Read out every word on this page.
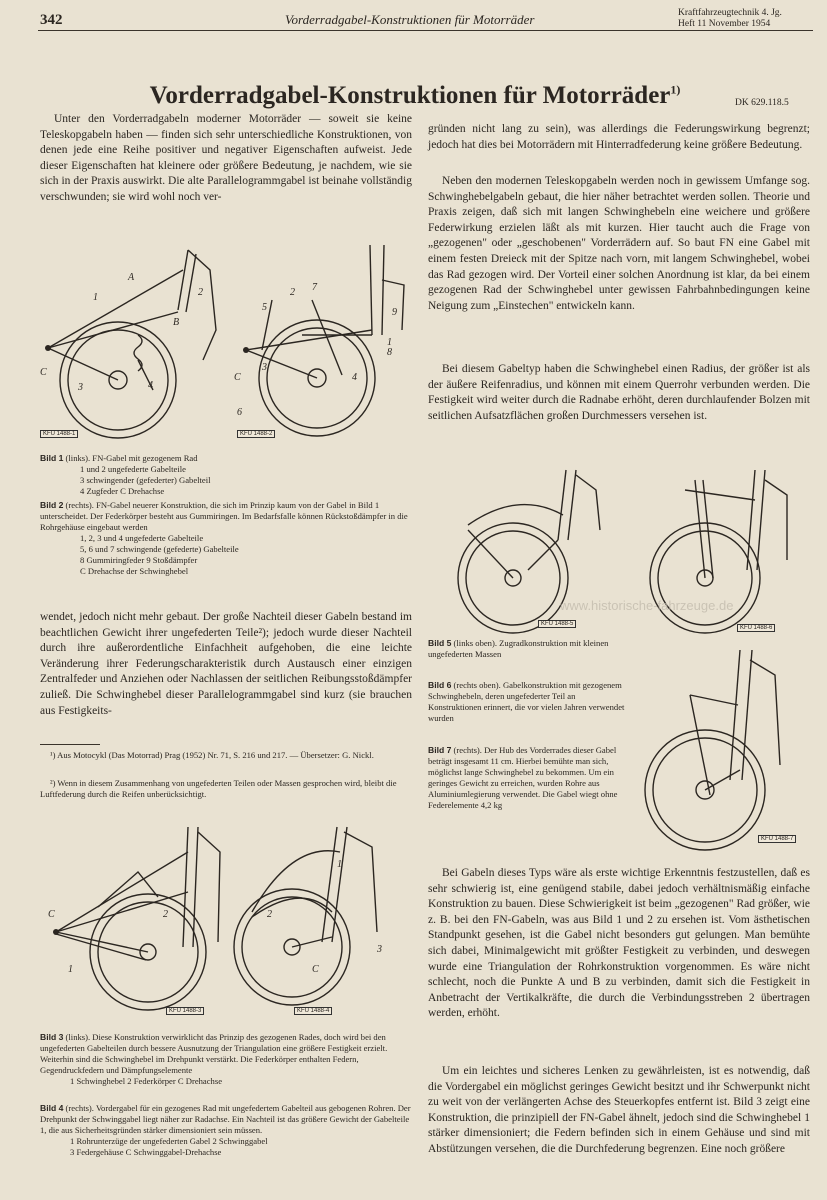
342	Vorderradgabel-Konstruktionen für Motorräder	Kraftfahrzeugtechnik 4. Jg.
Heft 11 November 1954
Vorderradgabel-Konstruktionen für Motorräder$^{1)}$
DK 629.118.5

Unter den Vorderradgabeln moderner Motorräder — soweit sie keine Teleskopgabeln haben — finden sich sehr unterschiedliche Konstruktionen, von denen jede eine Reihe positiver und negativer Eigenschaften aufweist. Jede dieser Eigenschaften hat kleinere oder größere Bedeutung, je nachdem, wie sie sich in der Praxis auswirkt. Die alte Parallelogrammgabel ist beinahe vollständig verschwunden; sie wird wohl noch ver-

1
A
B
2
C
3	4
KFU 1488-1
5
2 7
1
8
9
C
6
3
4
KFU 1488-2
Bild 1 (links). FN-Gabel mit gezogenem Rad
1 und 2 ungefederte Gabelteile
3 schwingender (gefederter) Gabelteil
4 Zugfeder C Drehachse
Bild 2 (rechts). FN-Gabel neuerer Konstruktion, die sich im Prinzip kaum von der Gabel in Bild 1 unterscheidet. Der Federkörper besteht aus Gummiringen. Im Bedarfsfalle können Rückstoßdämpfer in die Rohrgehäuse eingebaut werden
1, 2, 3 und 4 ungefederte Gabelteile
5, 6 und 7 schwingende (gefederte) Gabelteile
8 Gummiringfeder 9 Stoßdämpfer
C Drehachse der Schwinghebel

wendet, jedoch nicht mehr gebaut. Der große Nachteil dieser Gabeln bestand im beachtlichen Gewicht ihrer ungefederten Teile²); jedoch wurde dieser Nachteil durch ihre außerordentliche Einfachheit aufgehoben, die eine leichte Veränderung ihrer Federungscharakteristik durch Austausch einer einzigen Zentralfeder und Anziehen oder Nachlassen der seitlichen Reibungsstoßdämpfer zuließ. Die Schwinghebel dieser Parallelogrammgabel sind kurz (sie brauchen aus Festigkeits-

¹) Aus Motocykl (Das Motorrad) Prag (1952) Nr. 71, S. 216 und 217. — Übersetzer: G. Nickl.

²) Wenn in diesem Zusammenhang von ungefederten Teilen oder Massen gesprochen wird, bleibt die Luftfederung durch die Reifen unberücksichtigt.

C
1
2
KFU 1488-3
2
1
3
C
KFU 1488-4
Bild 3 (links). Diese Konstruktion verwirklicht das Prinzip des gezogenen Rades, doch wird bei den ungefederten Gabelteilen durch bessere Ausnutzung der Triangulation eine größere Festigkeit erzielt. Weiterhin sind die Schwinghebel im Drehpunkt verstärkt. Die Federkörper enthalten Federn, Gegendruckfedern und Dämpfungselemente
1 Schwinghebel 2 Federkörper C Drehachse
Bild 4 (rechts). Vordergabel für ein gezogenes Rad mit ungefedertem Gabelteil aus gebogenen Rohren. Der Drehpunkt der Schwinggabel liegt näher zur Radachse. Ein Nachteil ist das größere Gewicht der Gabelteile 1, die aus Sicherheitsgründen stärker dimensioniert sein müssen.
1 Rohrunterzüge der ungefederten Gabel 2 Schwinggabel
3 Federgehäuse C Schwinggabel-Drehachse

gründen nicht lang zu sein), was allerdings die Federungswirkung begrenzt; jedoch hat dies bei Motorrädern mit Hinterradfederung keine größere Bedeutung.

Neben den modernen Teleskopgabeln werden noch in gewissem Umfange sog. Schwinghebelgabeln gebaut, die hier näher betrachtet werden sollen. Theorie und Praxis zeigen, daß sich mit langen Schwinghebeln eine weichere und größere Federwirkung erzielen läßt als mit kurzen. Hier taucht auch die Frage von „gezogenen" oder „geschobenen" Vorderrädern auf. So baut FN eine Gabel mit einem festen Dreieck mit der Spitze nach vorn, mit langem Schwinghebel, wobei das Rad gezogen wird. Der Vorteil einer solchen Anordnung ist klar, da bei einem gezogenen Rad der Schwinghebel unter gewissen Fahrbahnbedingungen keine Neigung zum „Einstechen" entwickeln kann.

Bei diesem Gabeltyp haben die Schwinghebel einen Radius, der größer ist als der äußere Reifenradius, und können mit einem Querrohr verbunden werden. Die Festigkeit wird weiter durch die Radnabe erhöht, deren durchlaufender Bolzen mit seitlichen Aufsatzflächen großen Durchmessers versehen ist.

KFU 1488-5
KFU 1488-6
www.historische-fahrzeuge.de
Bild 5 (links oben). Zugradkonstruktion mit kleinen ungefederten Massen
Bild 6 (rechts oben). Gabelkonstruktion mit gezogenem Schwinghebeln, deren ungefederter Teil an Konstruktionen erinnert, die vor vielen Jahren verwendet wurden
Bild 7 (rechts). Der Hub des Vorderrades dieser Gabel beträgt insgesamt 11 cm. Hierbei bemühte man sich, möglichst lange Schwinghebel zu bekommen. Um ein geringes Gewicht zu erreichen, wurden Rohre aus Aluminiumlegierung verwendet. Die Gabel wiegt ohne Federelemente 4,2 kg
KFU 1488-7

Bei Gabeln dieses Typs wäre als erste wichtige Erkenntnis festzustellen, daß es sehr schwierig ist, eine genügend stabile, dabei jedoch verhältnismäßig einfache Konstruktion zu bauen. Diese Schwierigkeit ist beim „gezogenen" Rad größer, wie z. B. bei den FN-Gabeln, was aus Bild 1 und 2 zu ersehen ist. Vom ästhetischen Standpunkt gesehen, ist die Gabel nicht besonders gut gelungen. Man bemühte sich dabei, Minimalgewicht mit größter Festigkeit zu verbinden, und deswegen wurde eine Triangulation der Rohrkonstruktion vorgenommen. Es wäre nicht schlecht, noch die Punkte A und B zu verbinden, damit sich die Festigkeit in Anbetracht der Vertikalkräfte, die durch die Verbindungsstreben 2 übertragen werden, erhöht.

Um ein leichtes und sicheres Lenken zu gewährleisten, ist es notwendig, daß die Vordergabel ein möglichst geringes Gewicht besitzt und ihr Schwerpunkt nicht zu weit von der verlängerten Achse des Steuerkopfes entfernt ist. Bild 3 zeigt eine Konstruktion, die prinzipiell der FN-Gabel ähnelt, jedoch sind die Schwinghebel 1 stärker dimensioniert; die Federn befinden sich in einem Gehäuse und sind mit Abstützungen versehen, die die Durchfederung begrenzen. Eine noch größere
